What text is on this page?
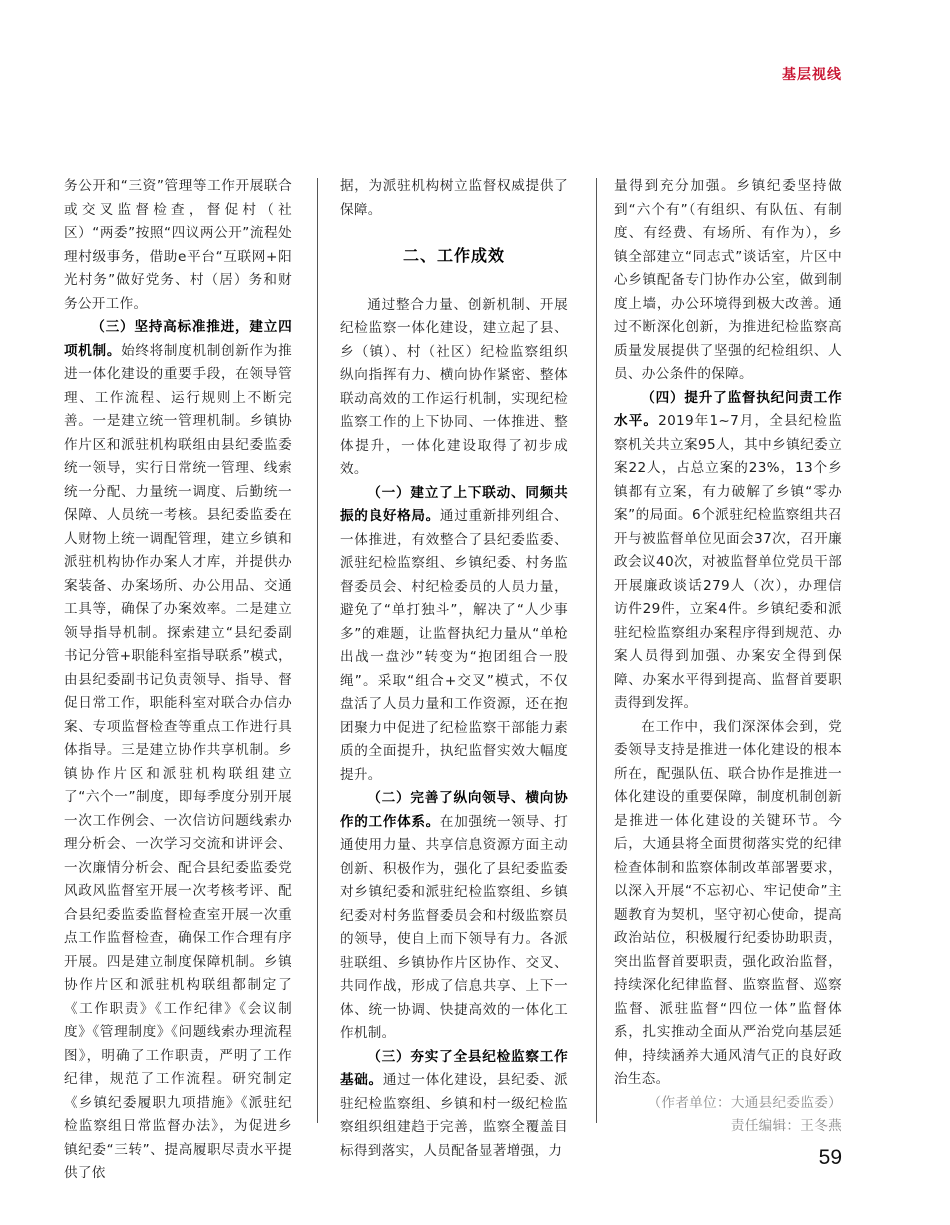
基层视线

务公开和“三资”管理等工作开展联合或交叉监督检查，督促村（社区）“两委”按照“四议两公开”流程处理村级事务，借助e平台“互联网+阳光村务”做好党务、村（居）务和财务公开工作。

（三）坚持高标准推进，建立四项机制。始终将制度机制创新作为推进一体化建设的重要手段，在领导管理、工作流程、运行规则上不断完善。一是建立统一管理机制。乡镇协作片区和派驻机构联组由县纪委监委统一领导，实行日常统一管理、线索统一分配、力量统一调度、后勤统一保障、人员统一考核。县纪委监委在人财物上统一调配管理，建立乡镇和派驻机构协作办案人才库，并提供办案装备、办案场所、办公用品、交通工具等，确保了办案效率。二是建立领导指导机制。探索建立“县纪委副书记分管+职能科室指导联系”模式，由县纪委副书记负责领导、指导、督促日常工作，职能科室对联合办信办案、专项监督检查等重点工作进行具体指导。三是建立协作共享机制。乡镇协作片区和派驻机构联组建立了“六个一”制度，即每季度分别开展一次工作例会、一次信访问题线索办理分析会、一次学习交流和讲评会、一次廉情分析会、配合县纪委监委党风政风监督室开展一次考核考评、配合县纪委监委监督检查室开展一次重点工作监督检查，确保工作合理有序开展。四是建立制度保障机制。乡镇协作片区和派驻机构联组都制定了《工作职责》《工作纪律》《会议制度》《管理制度》《问题线索办理流程图》，明确了工作职责，严明了工作纪律，规范了工作流程。研究制定《乡镇纪委履职九项措施》《派驻纪检监察组日常监督办法》，为促进乡镇纪委“三转”、提高履职尽责水平提供了依

据，为派驻机构树立监督权威提供了保障。

二、工作成效

通过整合力量、创新机制、开展纪检监察一体化建设，建立起了县、乡（镇）、村（社区）纪检监察组织纵向指挥有力、横向协作紧密、整体联动高效的工作运行机制，实现纪检监察工作的上下协同、一体推进、整体提升，一体化建设取得了初步成效。

（一）建立了上下联动、同频共振的良好格局。通过重新排列组合、一体推进，有效整合了县纪委监委、派驻纪检监察组、乡镇纪委、村务监督委员会、村纪检委员的人员力量，避免了“单打独斗”，解决了“人少事多”的难题，让监督执纪力量从“单枪出战一盘沙”转变为“抱团组合一股绳”。采取“组合+交叉”模式，不仅盘活了人员力量和工作资源，还在抱团聚力中促进了纪检监察干部能力素质的全面提升，执纪监督实效大幅度提升。

（二）完善了纵向领导、横向协作的工作体系。在加强统一领导、打通使用力量、共享信息资源方面主动创新、积极作为，强化了县纪委监委对乡镇纪委和派驻纪检监察组、乡镇纪委对村务监督委员会和村级监察员的领导，使自上而下领导有力。各派驻联组、乡镇协作片区协作、交叉、共同作战，形成了信息共享、上下一体、统一协调、快捷高效的一体化工作机制。

（三）夯实了全县纪检监察工作基础。通过一体化建设，县纪委、派驻纪检监察组、乡镇和村一级纪检监察组织组建趋于完善，监察全覆盖目标得到落实，人员配备显著增强，力

量得到充分加强。乡镇纪委坚持做到“六个有”（有组织、有队伍、有制度、有经费、有场所、有作为），乡镇全部建立“同志式”谈话室，片区中心乡镇配备专门协作办公室，做到制度上墙，办公环境得到极大改善。通过不断深化创新，为推进纪检监察高质量发展提供了坚强的纪检组织、人员、办公条件的保障。

（四）提升了监督执纪问责工作水平。2019年1~7月，全县纪检监察机关共立案95人，其中乡镇纪委立案22人，占总立案的23%，13个乡镇都有立案，有力破解了乡镇“零办案”的局面。6个派驻纪检监察组共召开与被监督单位见面会37次，召开廉政会议40次，对被监督单位党员干部开展廉政谈话279人（次），办理信访件29件，立案4件。乡镇纪委和派驻纪检监察组办案程序得到规范、办案人员得到加强、办案安全得到保障、办案水平得到提高、监督首要职责得到发挥。

在工作中，我们深深体会到，党委领导支持是推进一体化建设的根本所在，配强队伍、联合协作是推进一体化建设的重要保障，制度机制创新是推进一体化建设的关键环节。今后，大通县将全面贯彻落实党的纪律检查体制和监察体制改革部署要求，以深入开展“不忘初心、牢记使命”主题教育为契机，坚守初心使命，提高政治站位，积极履行纪委协助职责，突出监督首要职责，强化政治监督，持续深化纪律监督、监察监督、巡察监督、派驻监督“四位一体”监督体系，扎实推动全面从严治党向基层延伸，持续涵养大通风清气正的良好政治生态。

（作者单位：大通县纪委监委）

责任编辑：王冬燕

59
